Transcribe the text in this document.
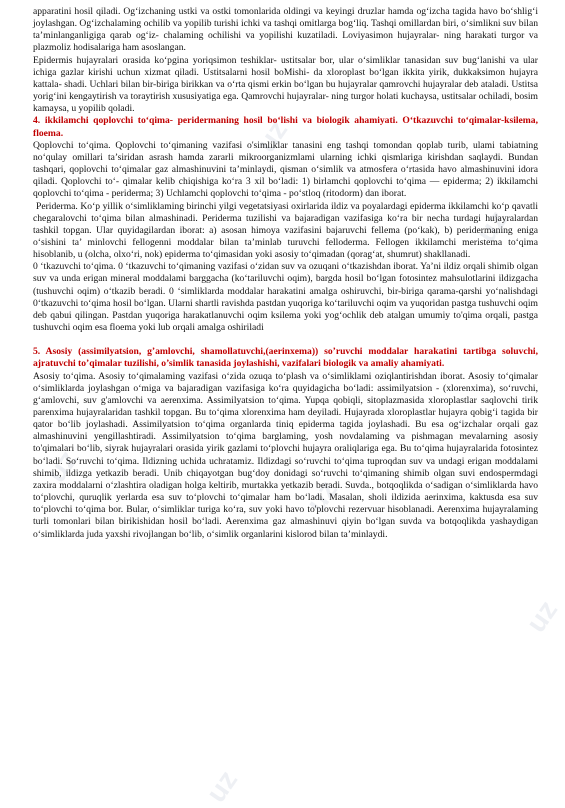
uz
uz
uz
uz
uz
uz

apparatini hosil qiladi. Og‘izchaning ustki va ostki tomonlarida oldingi va keyingi druzlar hamda og‘izcha tagida havo bo‘shlig‘i joylashgan. Og‘izchalaming ochilib va yopilib turishi ichki va tashqi omitlarga bog‘liq. Tashqi omillardan biri, o‘simlikni suv bilan ta’minlanganligiga qarab og‘iz- chalaming ochilishi va yopilishi kuzatiladi. Loviyasimon hujayralar- ning harakati turgor va plazmoliz hodisalariga ham asoslangan.

Epidermis hujayralari orasida ko‘pgina yoriqsimon teshiklar- ustitsalar bor, ular o‘simliklar tanasidan suv bug‘lanishi va ular ichiga gazlar kirishi uchun xizmat qiladi. Ustitsalarni hosil boMishi- da xloroplast bo‘lgan ikkita yirik, dukkaksimon hujayra kattala- shadi. Uchlari bilan bir-biriga birikkan va o‘rta qismi erkin bo‘lgan bu hujayralar qamrovchi hujayralar deb ataladi. Ustitsa yorig‘ini kengaytirish va toraytirish xususiyatiga ega. Qamrovchi hujayralar- ning turgor holati kuchaysa, ustitsalar ochiladi, bosim kamaysa, u yopilib qoladi.

4. ikkilamchi qoplovchi to‘qima- peridermaning hosil bo‘lishi va biologik ahamiyati. O‘tkazuvchi to‘qimalar-ksilema, floema.

Qoplovchi to‘qima. Qoplovchi to‘qimaning vazifasi o'simliklar tanasini eng tashqi tomondan qoplab turib, ulami tabiatning no‘qulay omillari ta’siridan asrash hamda zararli mikroorganizmlami ularning ichki qismlariga kirishdan saqlaydi. Bundan tashqari, qoplovchi to‘qimalar gaz almashinuvini ta’minlaydi, qisman o‘simlik va atmosfera o‘rtasida havo almashinuvini idora qiladi. Qoplovchi to‘- qimalar kelib chiqishiga ko‘ra 3 xil bo‘ladi: 1) birlamchi qoplovchi to‘qima — epiderma; 2) ikkilamchi qoplovchi to‘qima - periderma; 3) Uchlamchi qoplovchi to‘qima - po‘stloq (ritodorm) dan iborat.

Periderma. Ko‘p yillik o‘simliklaming birinchi yilgi vegetatsiyasi oxirlarida ildiz va poyalardagi epiderma ikkilamchi ko‘p qavatli chegaralovchi to‘qima bilan almashinadi. Periderma tuzilishi va bajaradigan vazifasiga ko‘ra bir necha turdagi hujayralardan tashkil topgan. Ular quyidagilardan iborat: a) asosan himoya vazifasini bajaruvchi fellema (po‘kak), b) peridermaning eniga o‘sishini ta’ minlovchi fellogenni moddalar bilan ta’minlab turuvchi felloderma. Fellogen ikkilamchi meristema to‘qima hisoblanib, u (olcha, olxo‘ri, nok) epiderma to‘qimasidan yoki asosiy to‘qimadan (qorag‘at, shumrut) shakllanadi.

0 ‘tkazuvchi to‘qima. 0 ‘tkazuvchi to‘qimaning vazifasi o‘zidan suv va ozuqani o‘tkazishdan iborat. Ya’ni ildiz orqali shimib olgan suv va unda erigan mineral moddalami barggacha (ko‘tariluvchi oqim), bargda hosil bo‘lgan fotosintez mahsulotlarini ildizgacha (tushuvchi oqim) o‘tkazib beradi. 0 ‘simliklarda moddalar harakatini amalga oshiruvchi, bir-biriga qarama-qarshi yo‘nalishdagi 0‘tkazuvchi to‘qima hosil bo‘lgan. Ularni shartli ravishda pastdan yuqoriga ko‘tariluvchi oqim va yuqoridan pastga tushuvchi oqim deb qabui qilingan. Pastdan yuqoriga harakatlanuvchi oqim ksilema yoki yog‘ochlik deb atalgan umumiy to'qima orqali, pastga tushuvchi oqim esa floema yoki lub orqali amalga oshiriladi

5. Asosiy (assimilyatsion, g’amlovchi, shamollatuvchi,(aerinxema)) so’ruvchi moddalar harakatini tartibga soluvchi, ajratuvchi to’qimalar tuzilishi, o’simlik tanasida joylashishi, vazifalari biologik va amaliy ahamiyati.

Asosiy to‘qima. Asosiy to‘qimalaming vazifasi o‘zida ozuqa to‘plash va o‘simliklami oziqlantirishdan iborat. Asosiy to‘qimalar o‘simliklarda joylashgan o‘miga va bajaradigan vazifasiga ko‘ra quyidagicha bo‘ladi: assimilyatsion - (xlorenxima), so‘ruvchi, g‘amlovchi, suv g'amlovchi va aerenxima. Assimilyatsion to‘qima. Yupqa qobiqli, sitoplazmasida xloroplastlar saqlovchi tirik parenxima hujayralaridan tashkil topgan. Bu to‘qima xlorenxima ham deyiladi. Hujayrada xloroplastlar hujayra qobig‘i tagida bir qator bo‘lib joylashadi. Assimilyatsion to‘qima organlarda tiniq epiderma tagida joylashadi. Bu esa og‘izchalar orqali gaz almashinuvini yengillashtiradi. Assimilyatsion to‘qima barglaming, yosh novdalaming va pishmagan mevalarning asosiy to'qimalari bo‘lib, siyrak hujayralari orasida yirik gazlami to‘plovchi hujayra oraliqlariga ega. Bu to‘qima hujayralarida fotosintez bo‘ladi. So‘ruvchi to‘qima. Ildizning uchida uchratamiz. Ildizdagi so‘ruvchi to‘qima tuproqdan suv va undagi erigan moddalami shimib, ildizga yetkazib beradi. Unib chiqayotgan bug‘doy donidagi so‘ruvchi to‘qimaning shimib olgan suvi endospermdagi zaxira moddalarni o‘zlashtira oladigan holga keltirib, murtakka yetkazib beradi. Suvda., botqoqlikda o‘sadigan o‘simliklarda havo to‘plovchi, quruqlik yerlarda esa suv to‘plovchi to‘qimalar ham bo‘ladi. Masalan, sholi ildizida aerinxima, kaktusda esa suv to‘plovchi to‘qima bor. Bular, o‘simliklar turiga ko‘ra, suv yoki havo to'plovchi rezervuar hisoblanadi. Aerenxima hujayralaming turli tomonlari bilan birikishidan hosil bo‘ladi. Aerenxima gaz almashinuvi qiyin bo‘lgan suvda va botqoqlikda yashaydigan o‘simliklarda juda yaxshi rivojlangan bo‘lib, o‘simlik organlarini kislorod bilan ta’minlaydi.
